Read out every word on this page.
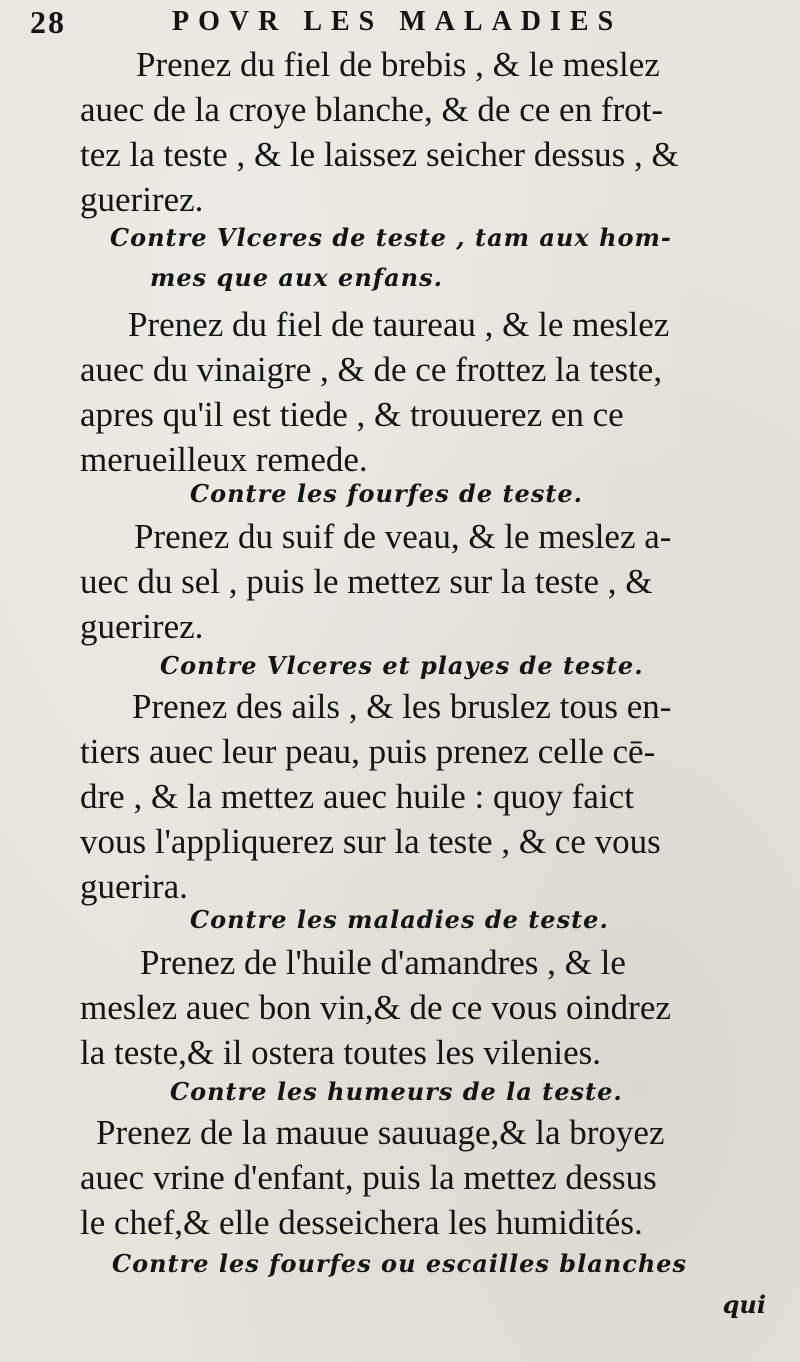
28	POVR LES MALADIES
Prenez du fiel de brebis , & le meslez
auec de la croye blanche, & de ce en frot-
tez la teste , & le laissez seicher dessus , &
guerirez.
Contre Vlceres de teste , tam aux hom-
mes que aux enfans.
Prenez du fiel de taureau , & le meslez
auec du vinaigre , & de ce frottez la teste,
apres qu'il est tiede , & trouuerez en ce
merueilleux remede.
Contre les fourfes de teste.
Prenez du suif de veau, & le meslez a-
uec du sel , puis le mettez sur la teste , &
guerirez.
Contre Vlceres et playes de teste.
Prenez des ails , & les bruslez tous en-
tiers auec leur peau, puis prenez celle cē-
dre , & la mettez auec huile : quoy faict
vous l'appliquerez sur la teste , & ce vous
guerira.
Contre les maladies de teste.
Prenez de l'huile d'amandres , & le
meslez auec bon vin,& de ce vous oindrez
la teste,& il ostera toutes les vilenies.
Contre les humeurs de la teste.
Prenez de la mauue sauuage,& la broyez
auec vrine d'enfant, puis la mettez dessus
le chef,& elle desseichera les humidités.
Contre les fourfes ou escailles blanches
qui
